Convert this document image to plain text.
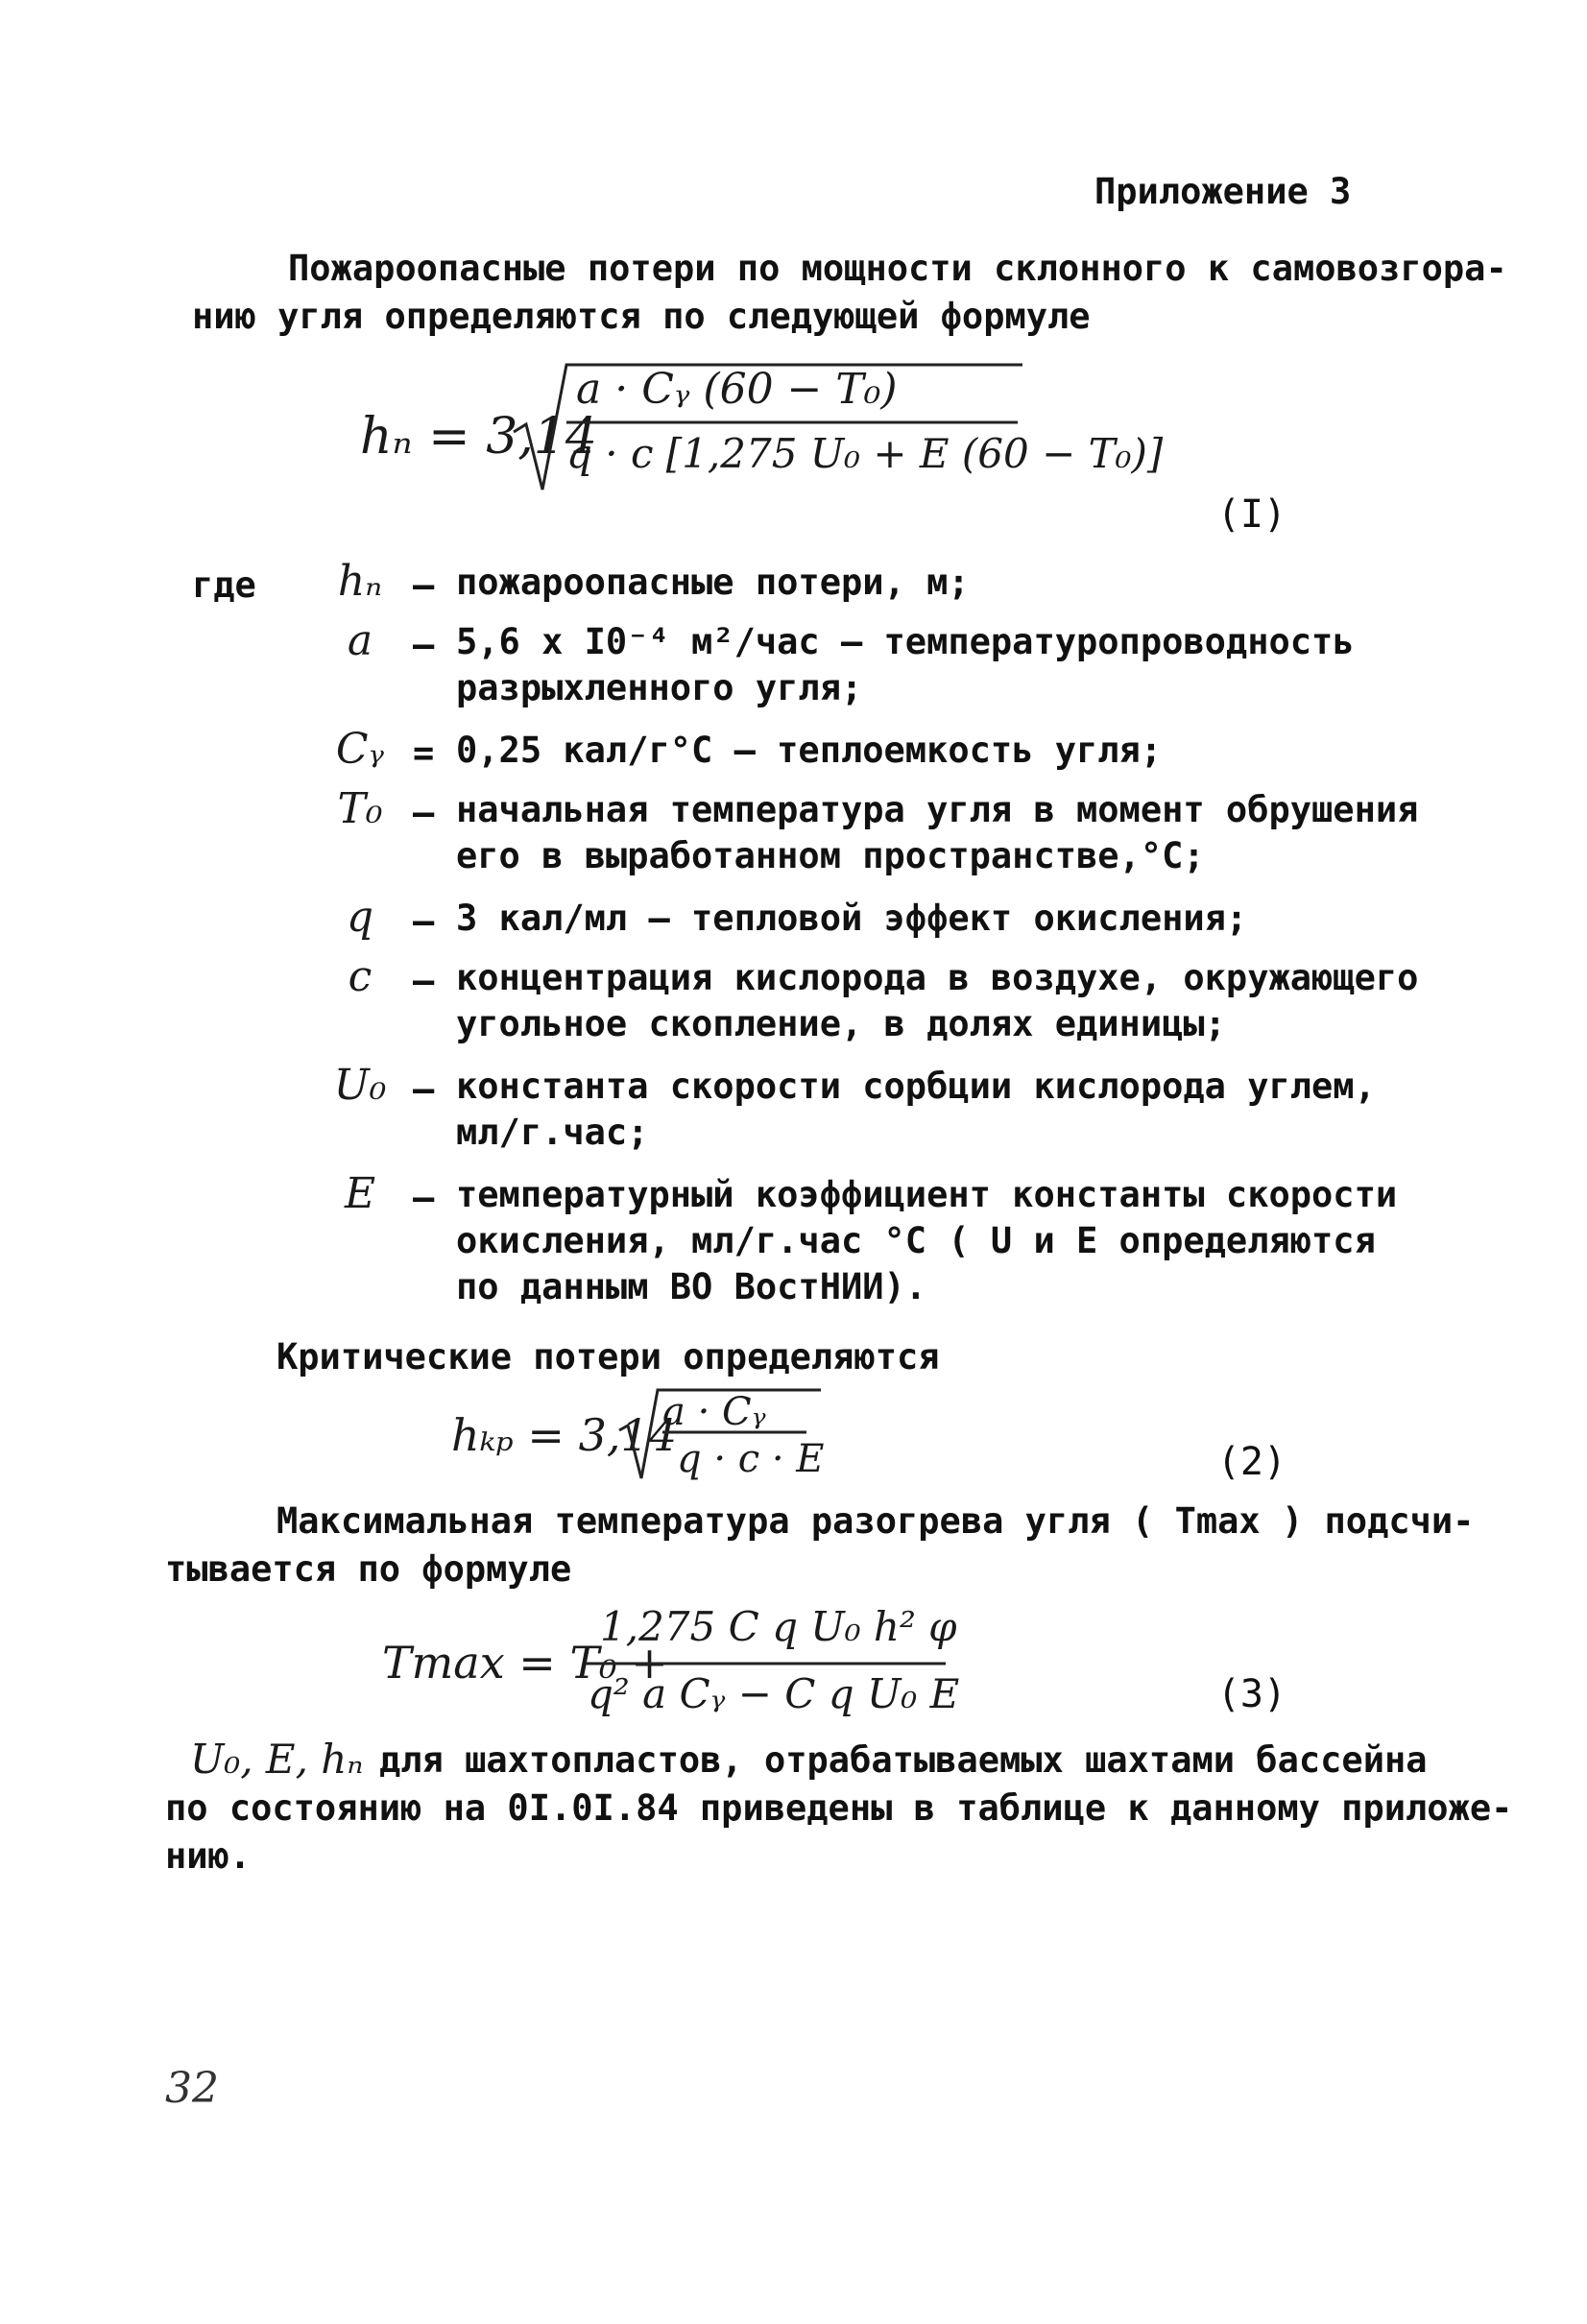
Приложение 3
Пожароопасные потери по мощности склонного к самовозгора-
нию угля определяются по следующей формуле
hₙ = 3,14
a · Cᵧ (60 − T₀)
q · c [1,275 U₀ + E (60 − T₀)]
(I)
где	hₙ – пожароопасные потери, м;
a	– 5,6 х I0⁻⁴ м²/час – температуропроводность
разрыхленного угля;
Cᵧ = 0,25 кал/г°С – теплоемкость угля;
T₀ – начальная температура угля в момент обрушения
его в выработанном пространстве,°С;
q	– 3 кал/мл – тепловой эффект окисления;
c	– концентрация кислорода в воздухе, окружающего
угольное скопление, в долях единицы;
U₀ – константа скорости сорбции кислорода углем,
мл/г.час;
E	– температурный коэффициент константы скорости
окисления, мл/г.час °С ( U и E определяются
по данным ВО ВостНИИ).
Критические потери определяются
hₖₚ = 3,14
a · Cᵧ
q · c · E	(2)
Максимальная температура разогрева угля ( Tmax ) подсчи-
тывается по формуле
Tmax = T₀ +
1,275 C q U₀ h² φ
q² a Cᵧ − C q U₀ E	(3)
U₀, E, hₙ для шахтопластов, отрабатываемых шахтами бассейна
по состоянию на 0I.0I.84 приведены в таблице к данному приложе-
нию.
32
